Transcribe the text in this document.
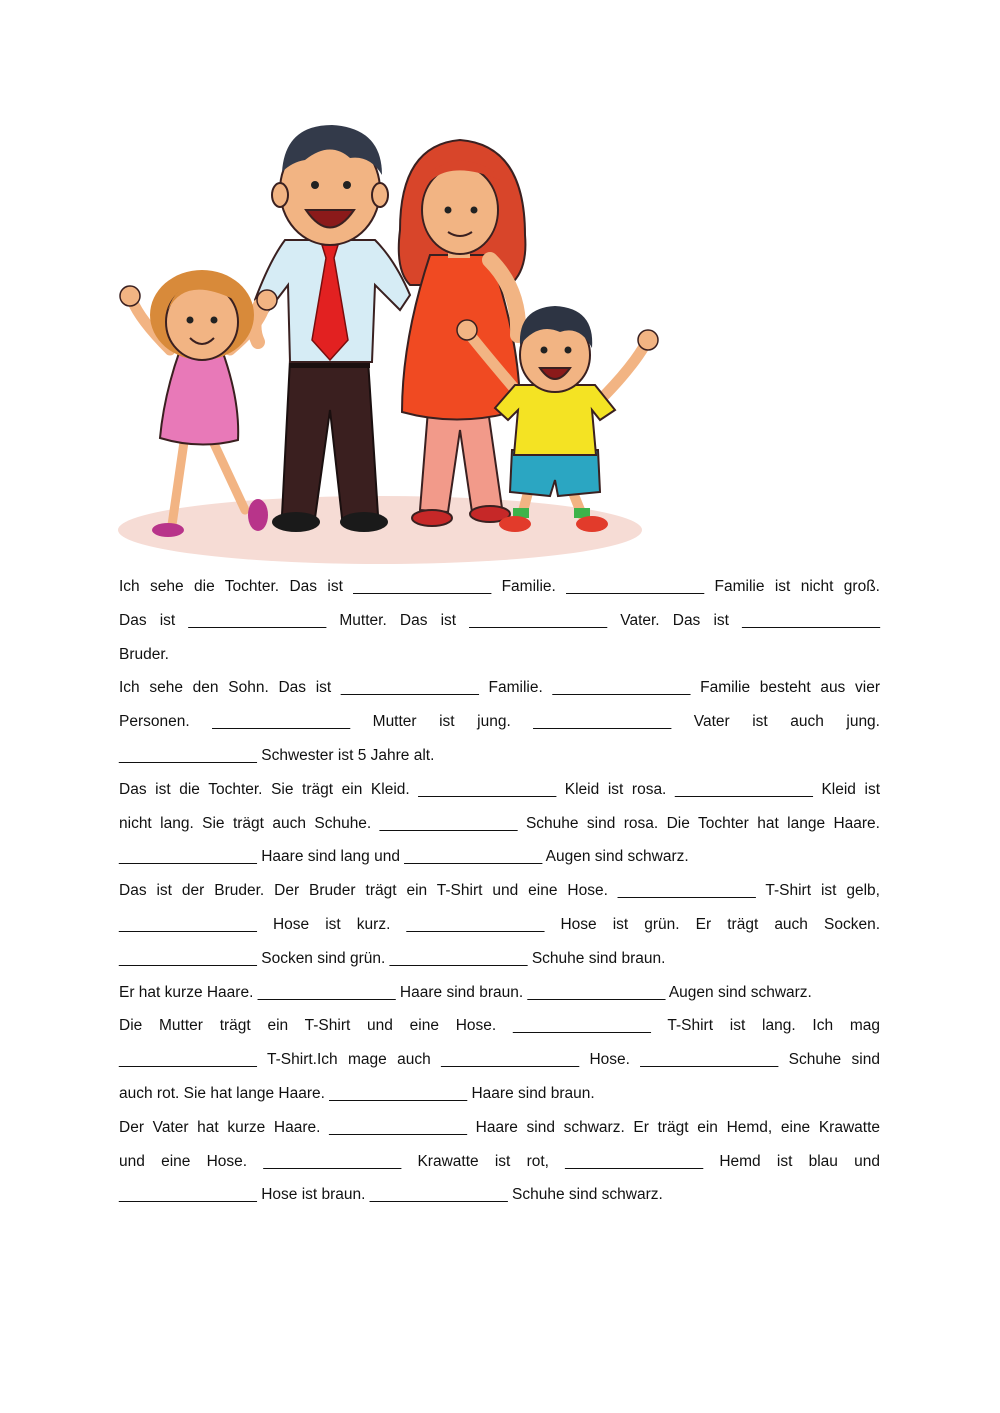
Ich sehe die Tochter. Das ist ________________ Familie. ________________ Familie ist nicht groß.
Das ist ________________ Mutter. Das ist ________________ Vater. Das ist ________________
Bruder.
Ich sehe den Sohn. Das ist ________________ Familie. ________________ Familie besteht aus vier
Personen. ________________ Mutter ist jung. ________________ Vater ist auch jung.
________________ Schwester ist 5 Jahre alt.
Das ist die Tochter. Sie trägt ein Kleid. ________________ Kleid ist rosa. ________________ Kleid ist
nicht lang. Sie trägt auch Schuhe. ________________ Schuhe sind rosa. Die Tochter hat lange Haare.
________________ Haare sind lang und ________________ Augen sind schwarz.
Das ist der Bruder. Der Bruder trägt ein T-Shirt und eine Hose. ________________ T-Shirt ist gelb,
________________ Hose ist kurz. ________________ Hose ist grün. Er trägt auch Socken.
________________ Socken sind grün. ________________ Schuhe sind braun.
Er hat kurze Haare. ________________ Haare sind braun. ________________ Augen sind schwarz.
Die Mutter trägt ein T-Shirt und eine Hose. ________________ T-Shirt ist lang. Ich mag
________________ T-Shirt.Ich mage auch ________________ Hose. ________________ Schuhe sind
auch rot. Sie hat lange Haare. ________________ Haare sind braun.
Der Vater hat kurze Haare. ________________ Haare sind schwarz. Er trägt ein Hemd, eine Krawatte
und eine Hose. ________________ Krawatte ist rot, ________________ Hemd ist blau und
________________ Hose ist braun. ________________ Schuhe sind schwarz.
